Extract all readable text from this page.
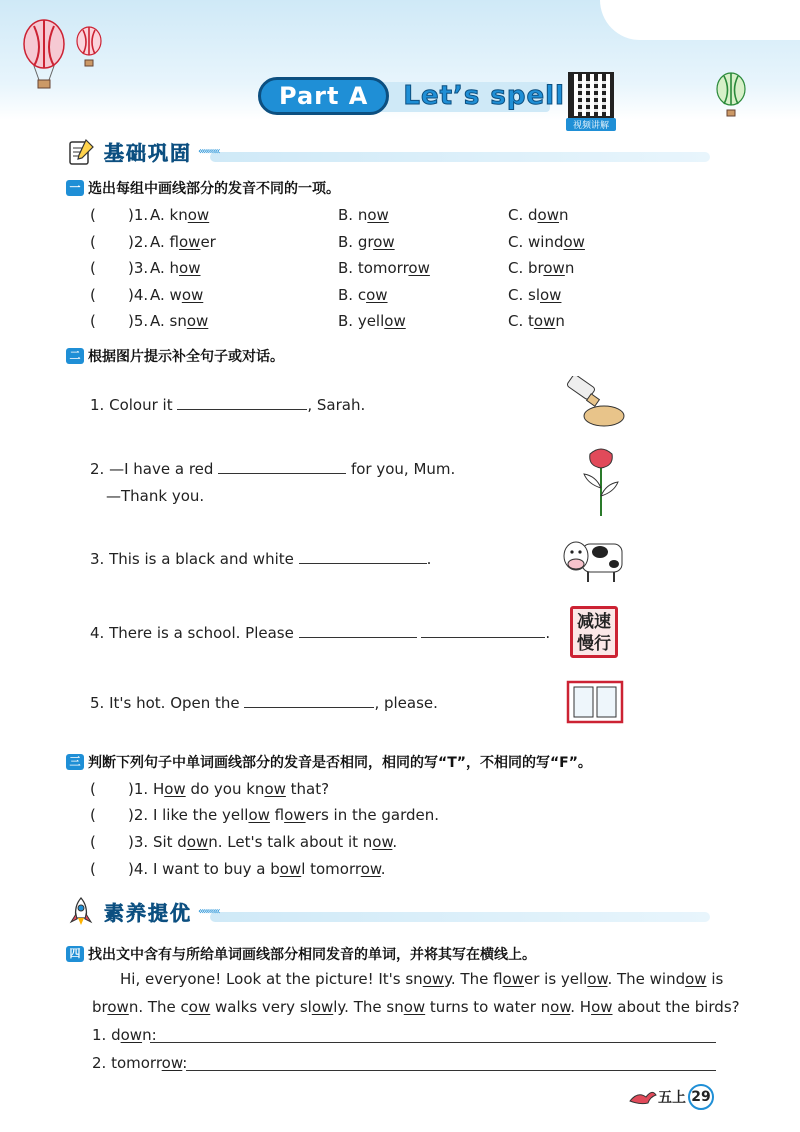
Part A	Let’s spell
视频讲解
基础巩固 «««««
一 选出每组中画线部分的发音不同的一项。
( )1. A. know	B. now	C. down
( )2. A. flower	B. grow	C. window
( )3. A. how	B. tomorrow	C. brown
( )4. A. wow	B. cow	C. slow
( )5. A. snow	B. yellow	C. town
二 根据图片提示补全句子或对话。
1. Colour it	, Sarah.
2. —I have a red	for you, Mum.
—Thank you.
3. This is a black and white	.
4. There is a school. Please	.
5. It's hot. Open the	, please.
减速
慢行
三 判断下列句子中单词画线部分的发音是否相同，相同的写“T”，不相同的写“F”。
( )1. How do you know that?
( )2. I like the yellow flowers in the garden.
( )3. Sit down. Let's talk about it now.
( )4. I want to buy a bowl tomorrow.
素养提优 «««««
四 找出文中含有与所给单词画线部分相同发音的单词，并将其写在横线上。
Hi, everyone! Look at the picture! It's snowy. The flower is yellow. The window is
brown. The cow walks very slowly. The snow turns to water now. How about the birds?
1. down:
2. tomorrow:
五上 29
